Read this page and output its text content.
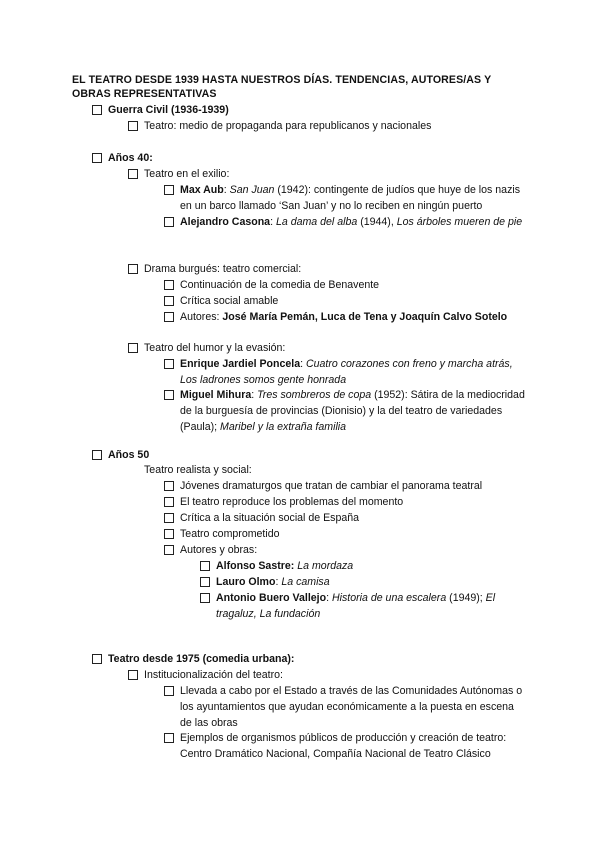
EL TEATRO DESDE 1939 HASTA NUESTROS DÍAS. TENDENCIAS, AUTORES/AS Y OBRAS REPRESENTATIVAS
Guerra Civil (1936-1939)
Teatro: medio de propaganda para republicanos y nacionales
Años 40:
Teatro en el exilio:
Max Aub: San Juan (1942): contingente de judíos que huye de los nazis en un barco llamado ‘San Juan’ y no lo reciben en ningún puerto
Alejandro Casona: La dama del alba (1944), Los árboles mueren de pie
Drama burgués: teatro comercial:
Continuación de la comedia de Benavente
Crítica social amable
Autores: José María Pemán, Luca de Tena y Joaquín Calvo Sotelo
Teatro del humor y la evasión:
Enrique Jardiel Poncela: Cuatro corazones con freno y marcha atrás, Los ladrones somos gente honrada
Miguel Mihura: Tres sombreros de copa (1952): Sátira de la mediocridad de la burguesía de provincias (Dionisio) y la del teatro de variedades (Paula); Maribel y la extraña familia
Años 50
Teatro realista y social:
Jóvenes dramaturgos que tratan de cambiar el panorama teatral
El teatro reproduce los problemas del momento
Crítica a la situación social de España
Teatro comprometido
Autores y obras:
Alfonso Sastre: La mordaza
Lauro Olmo: La camisa
Antonio Buero Vallejo: Historia de una escalera (1949); El tragaluz, La fundación
Teatro desde 1975 (comedia urbana):
Institucionalización del teatro:
Llevada a cabo por el Estado a través de las Comunidades Autónomas o los ayuntamientos que ayudan económicamente a la puesta en escena de las obras
Ejemplos de organismos públicos de producción y creación de teatro: Centro Dramático Nacional, Compañía Nacional de Teatro Clásico
